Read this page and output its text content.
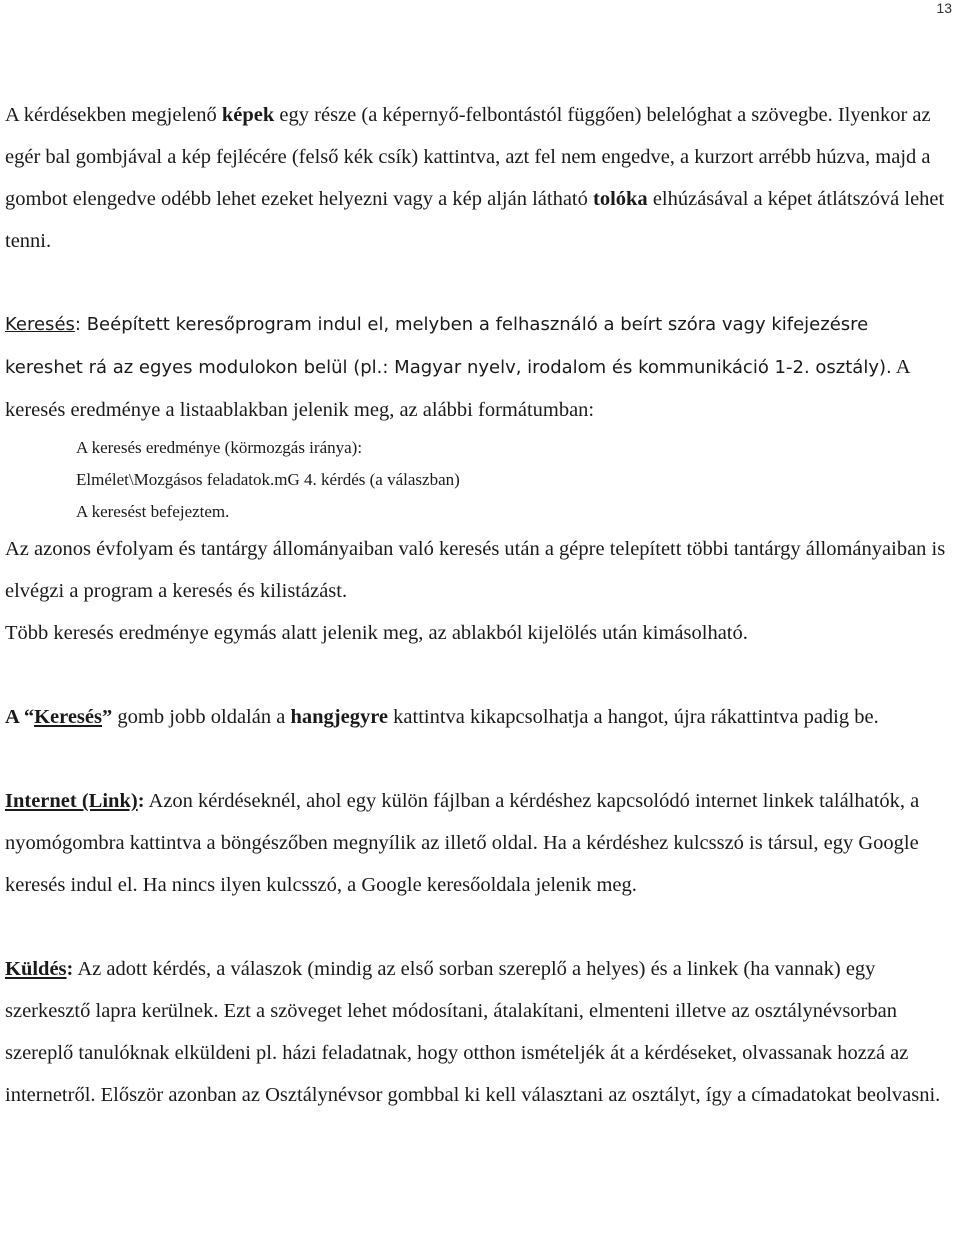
13

A kérdésekben megjelenő képek egy része (a képernyő-felbontástól függően) belelóghat a szövegbe. Ilyenkor az egér bal gombjával a kép fejlécére (felső kék csík) kattintva, azt fel nem engedve, a kurzort arrébb húzva, majd a gombot elengedve odébb lehet ezeket helyezni vagy a kép alján látható tolóka elhúzásával a képet átlátszóvá lehet tenni.

Keresés: Beépített keresőprogram indul el, melyben a felhasználó a beírt szóra vagy kifejezésre kereshet rá az egyes modulokon belül (pl.: Magyar nyelv, irodalom és kommunikáció 1-2. osztály). A keresés eredménye a listaablakban jelenik meg, az alábbi formátumban:

A keresés eredménye (körmozgás iránya):
Elmélet\Mozgásos feladatok.mG 4. kérdés (a válaszban)
A keresést befejeztem.

Az azonos évfolyam és tantárgy állományaiban való keresés után a gépre telepített többi tantárgy állományaiban is elvégzi a program a keresés és kilistázást.

Több keresés eredménye egymás alatt jelenik meg, az ablakból kijelölés után kimásolható.

A “Keresés” gomb jobb oldalán a hangjegyre kattintva kikapcsolhatja a hangot, újra rákattintva padig be.

Internet (Link): Azon kérdéseknél, ahol egy külön fájlban a kérdéshez kapcsolódó internet linkek találhatók, a nyomógombra kattintva a böngészőben megnyílik az illető oldal. Ha a kérdéshez kulcsszó is társul, egy Google keresés indul el. Ha nincs ilyen kulcsszó, a Google keresőoldala jelenik meg.

Küldés: Az adott kérdés, a válaszok (mindig az első sorban szereplő a helyes) és a linkek (ha vannak) egy szerkesztő lapra kerülnek. Ezt a szöveget lehet módosítani, átalakítani, elmenteni illetve az osztálynévsorban szereplő tanulóknak elküldeni pl. házi feladatnak, hogy otthon ismételjék át a kérdéseket, olvassanak hozzá az internetről. Először azonban az Osztálynévsor gombbal ki kell választani az osztályt, így a címadatokat beolvasni.
